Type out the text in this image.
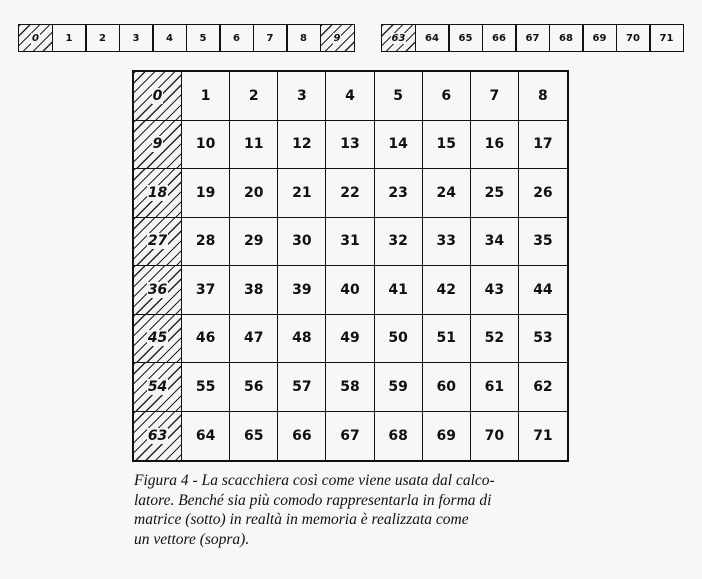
0	1	2	3	4	5	6	7	8	9	63 64 65 66 67 68 69 70 71
0	1	2	3	4	5	6	7	8
9 10 11 12 13 14 15 16 17
18 19 20 21 22 23 24 25 26
27 28 29 30 31 32 33 34 35
36 37 38 39 40 41 42 43 44
45 46 47 48 49 50 51 52 53
54 55 56 57 58 59 60 61 62
63 64 65 66 67 68 69 70 71
Figura 4 - La scacchiera così come viene usata dal calco-
latore. Benché sia più comodo rappresentarla in forma di
matrice (sotto) in realtà in memoria è realizzata come
un vettore (sopra).
